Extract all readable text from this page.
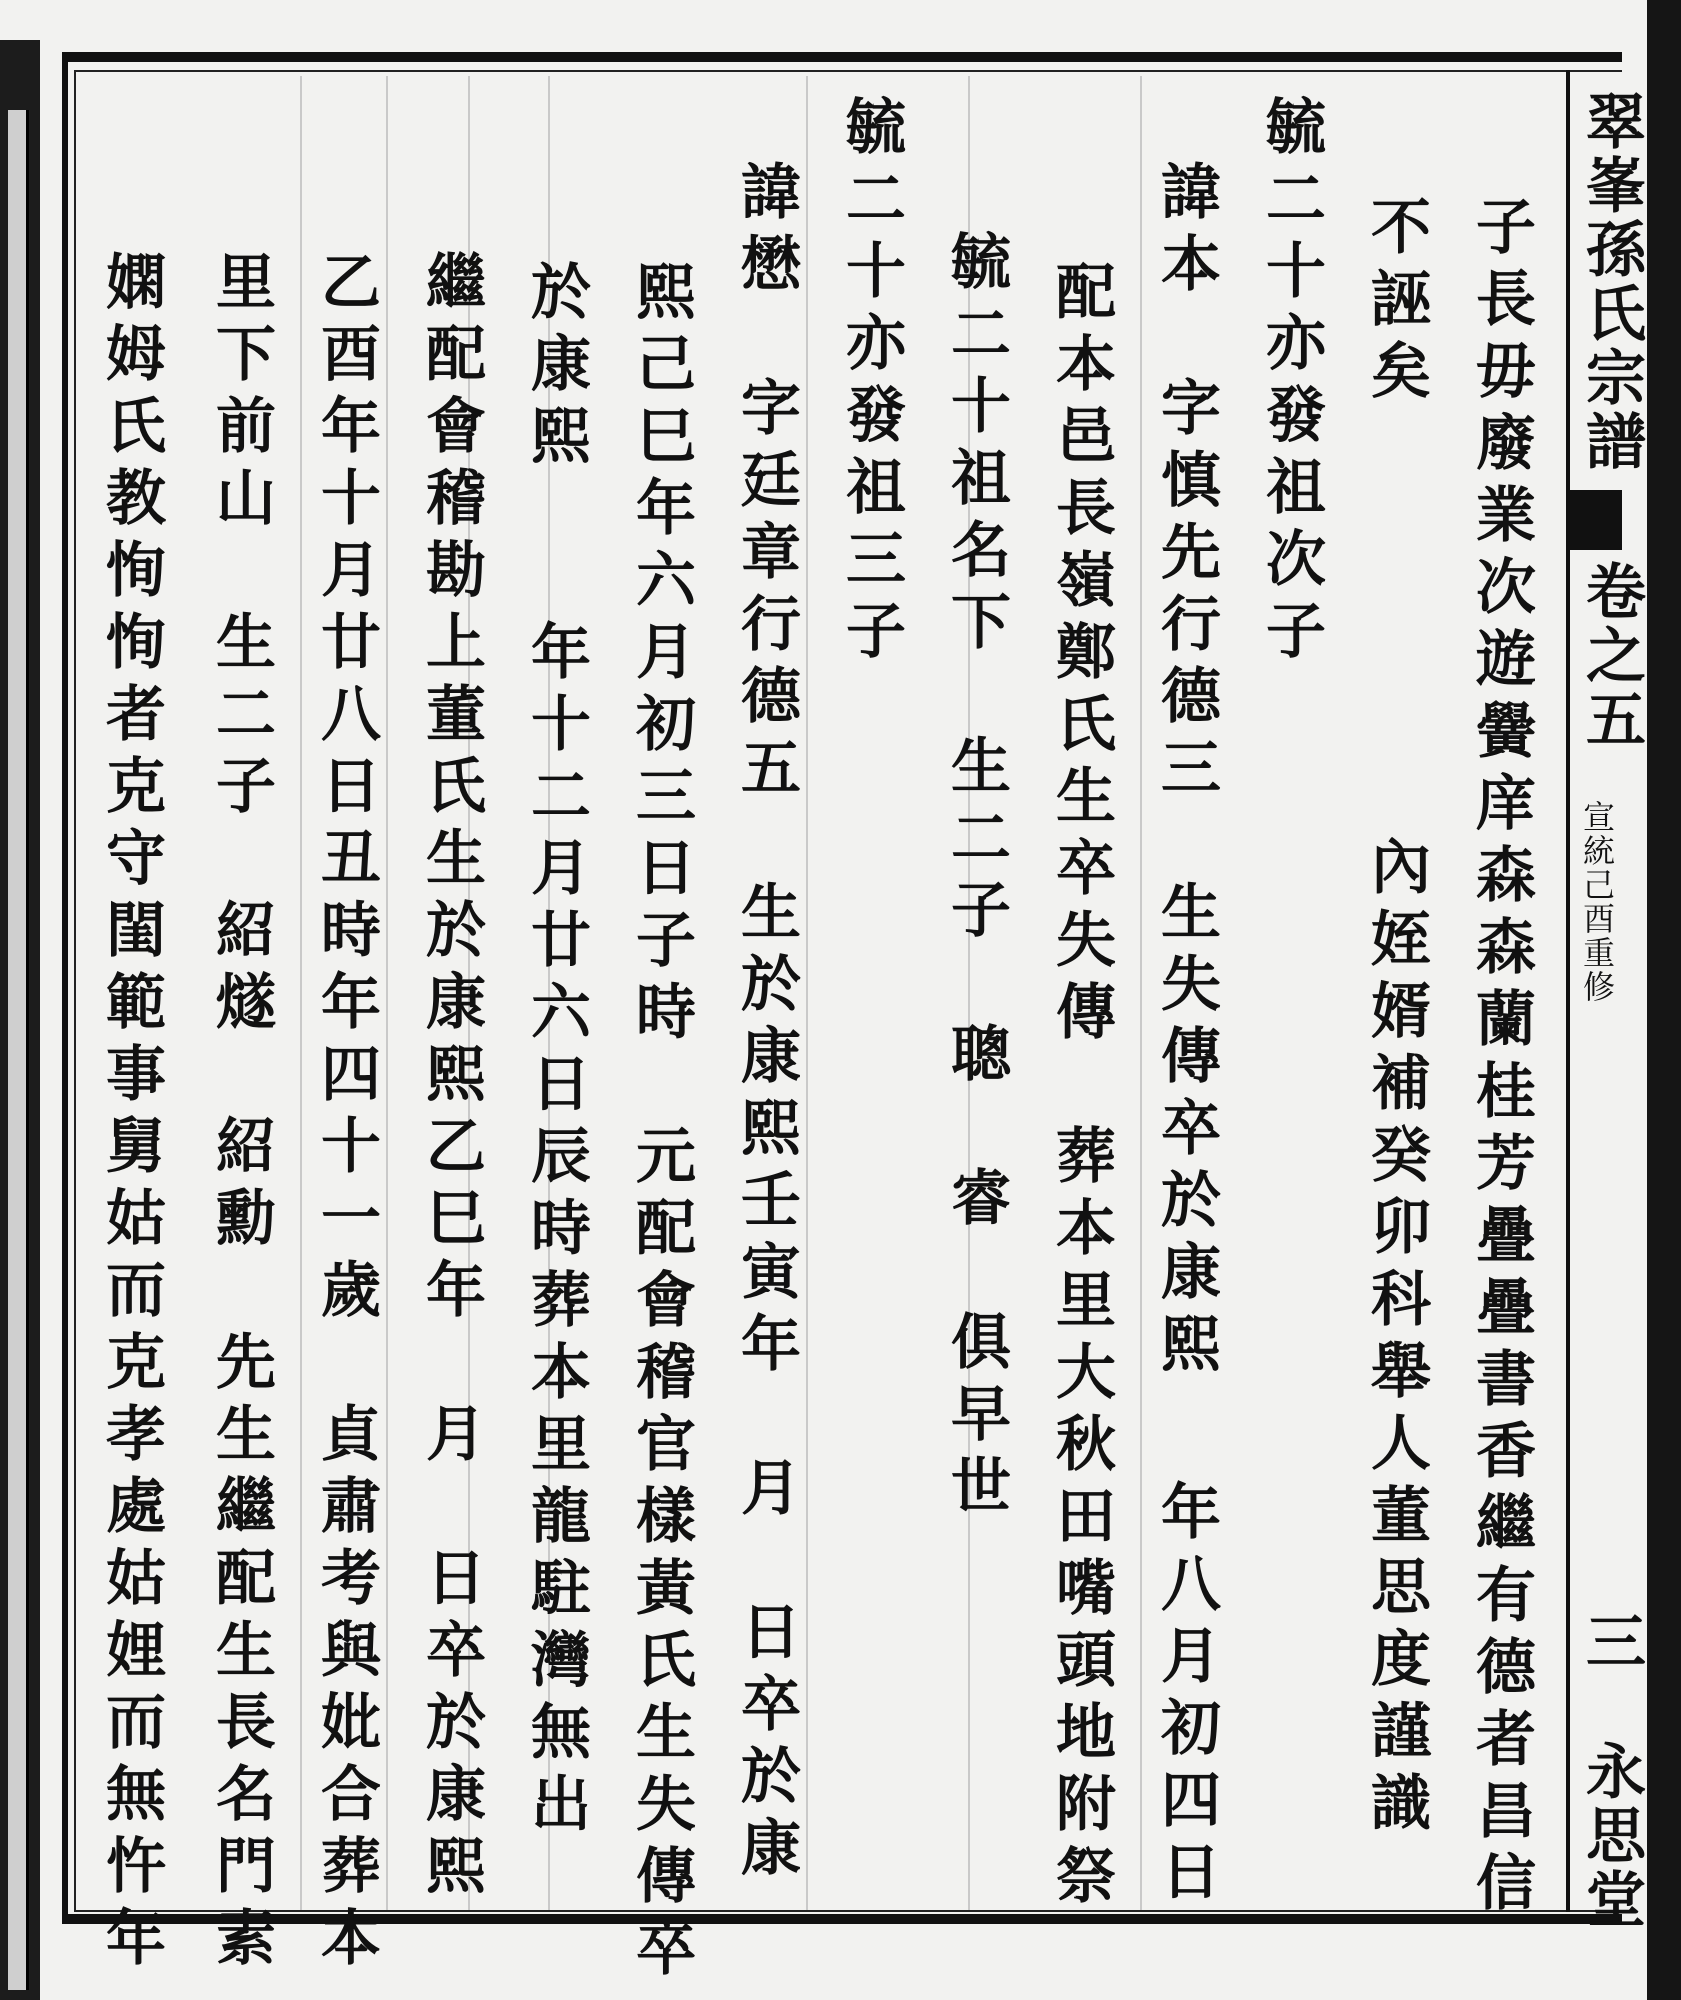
子長毋廢業次遊黌庠森森蘭桂芳疊疊書香繼有德者昌信
不誣矣
內姪婿補癸卯科舉人董思度謹識
毓二十亦發祖次子
諱本　字慎先行德三　生失傳卒於康熙
年八月初四日
配本邑長嶺鄭氏生卒失傳　葬本里大秋田嘴頭地附祭
毓二十祖名下　生二子　聰　睿　俱早世
毓二十亦發祖三子
諱懋　字廷章行德五　生於康熙壬寅年　月　日卒於康
熙己巳年六月初三日子時　元配會稽官樣黃氏生失傳卒
於康熙　　年十二月廿六日辰時葬本里龍駐灣無出
繼配會稽勘上董氏生於康熙乙巳年　月　日卒於康熙
乙酉年十月廿八日丑時年四十一歲　貞肅考與妣合葬本
里下前山　生二子　紹燧　紹勳　先生繼配生長名門素
嫻姆氏教恂恂者克守閨範事舅姑而克孝處姑娌而無忤年	翠峯孫氏宗譜
卷之五
宣統己酉重修
三
永思堂
